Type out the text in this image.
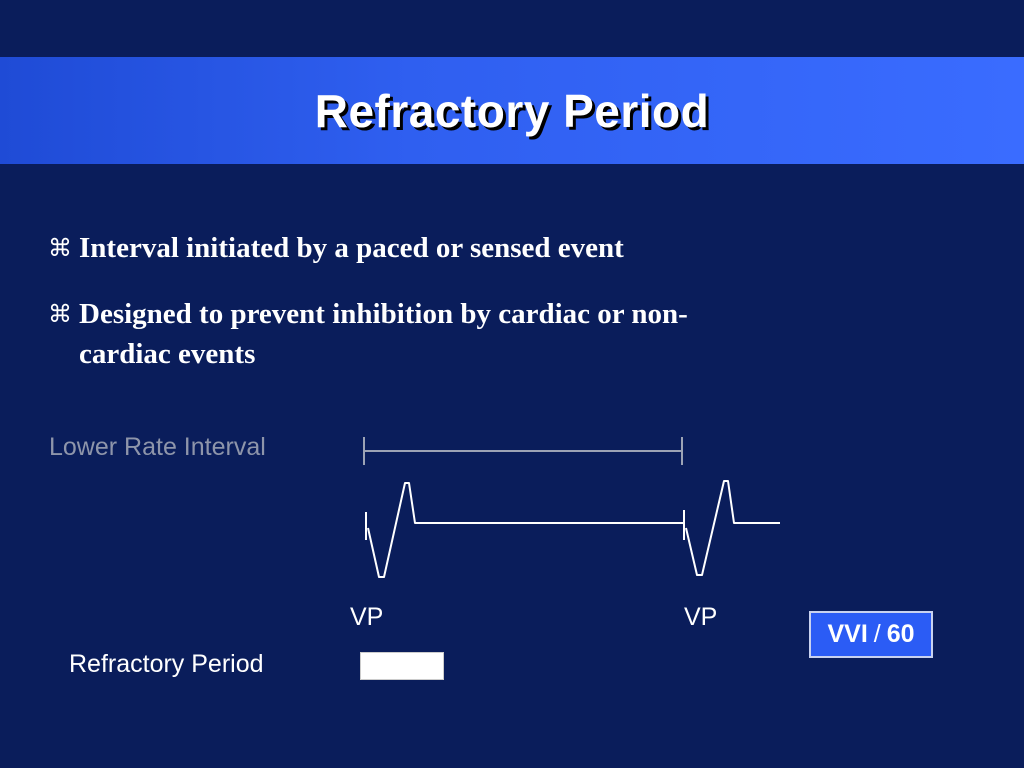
Refractory Period
⌘ Interval initiated by a paced or sensed event
⌘ Designed to prevent inhibition by cardiac or non-cardiac events
Lower Rate Interval
VP	VP
Refractory Period
VVI / 60
